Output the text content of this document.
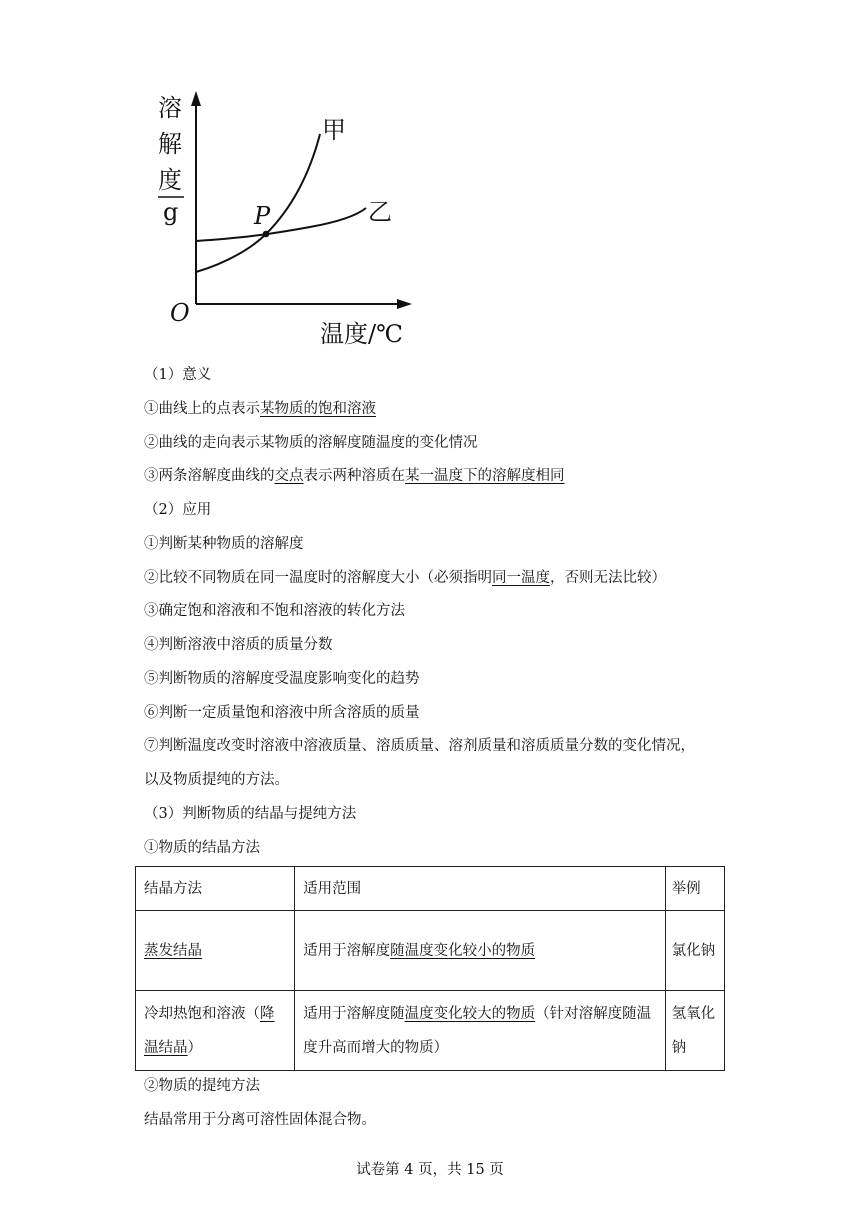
溶
解
度
g
O
温度/℃
P
甲
乙
（1）意义
①曲线上的点表示某物质的饱和溶液
②曲线的走向表示某物质的溶解度随温度的变化情况
③两条溶解度曲线的交点表示两种溶质在某一温度下的溶解度相同
（2）应用
①判断某种物质的溶解度
②比较不同物质在同一温度时的溶解度大小（必须指明同一温度，否则无法比较）
③确定饱和溶液和不饱和溶液的转化方法
④判断溶液中溶质的质量分数
⑤判断物质的溶解度受温度影响变化的趋势
⑥判断一定质量饱和溶液中所含溶质的质量
⑦判断温度改变时溶液中溶液质量、溶质质量、溶剂质量和溶质质量分数的变化情况，
以及物质提纯的方法。
（3）判断物质的结晶与提纯方法
①物质的结晶方法
结晶方法	适用范围	举例
蒸发结晶	适用于溶解度随温度变化较小的物质	氯化钠
冷却热饱和溶液（降温结晶）	适用于溶解度随温度变化较大的物质（针对溶解度随温度升高而增大的物质）	氢氧化钠
②物质的提纯方法
结晶常用于分离可溶性固体混合物。
试卷第 4 页，共 15 页
